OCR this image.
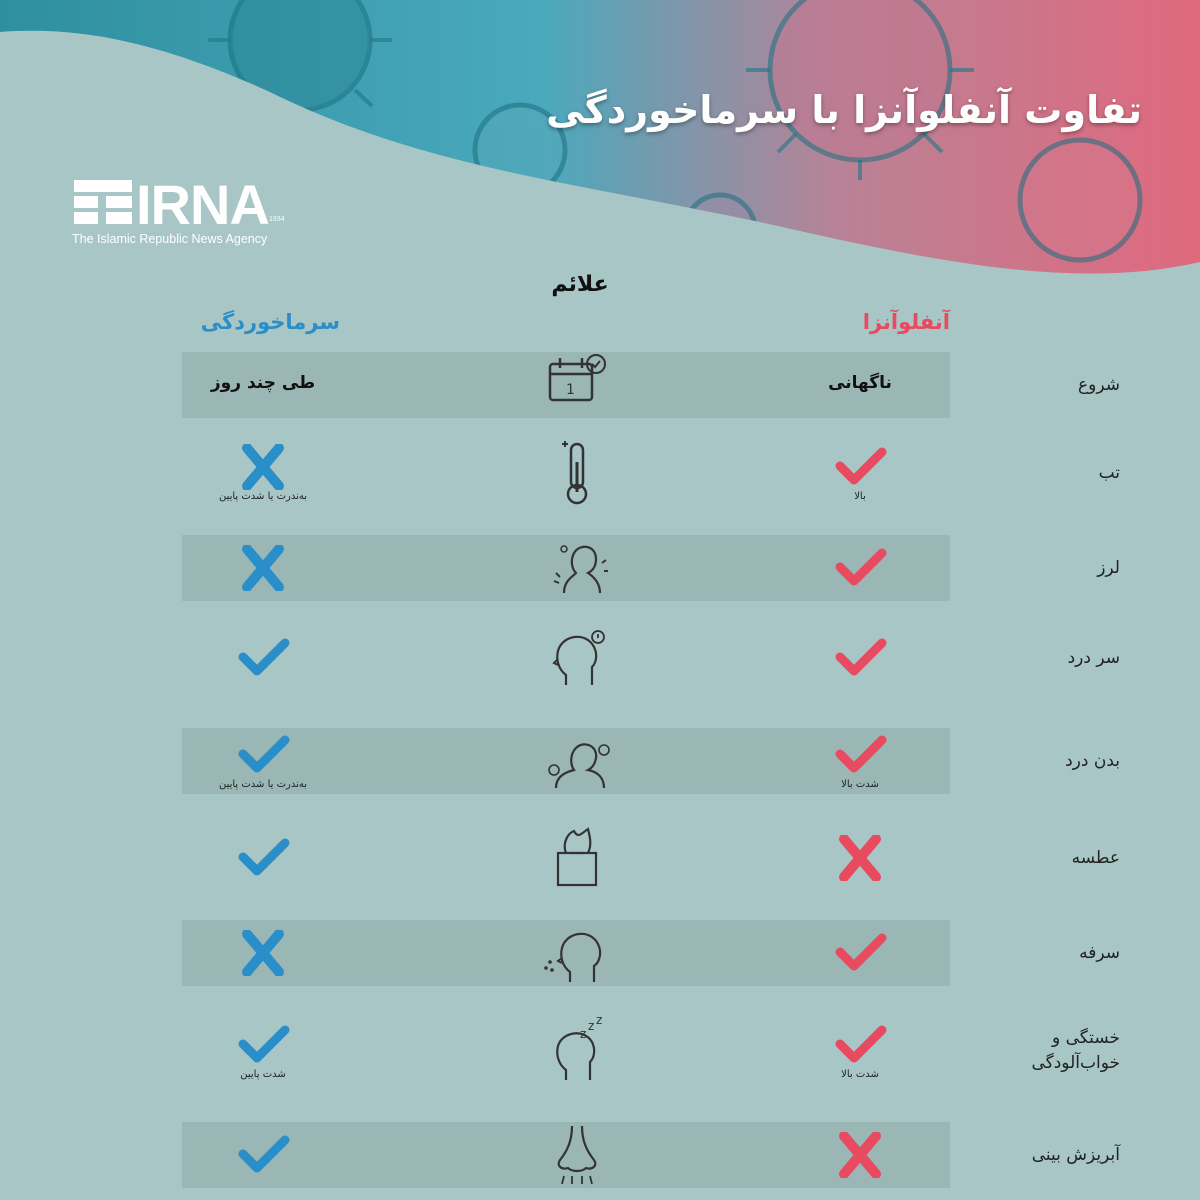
تفاوت آنفلوآنزا با سرماخوردگی
IRNA 1934
The Islamic Republic News Agency
علائم
آنفلوآنزا
سرماخوردگی
شروع
1	ناگهانی
طی چند روز
تب
بالا
به‌ندرت یا شدت پایین
لرز
سر درد
بدن درد
شدت بالا
به‌ندرت یا شدت پایین
عطسه
سرفه
خستگی و خواب‌آلودگی
z
z z
شدت بالا
شدت پایین
آبریزش بینی
